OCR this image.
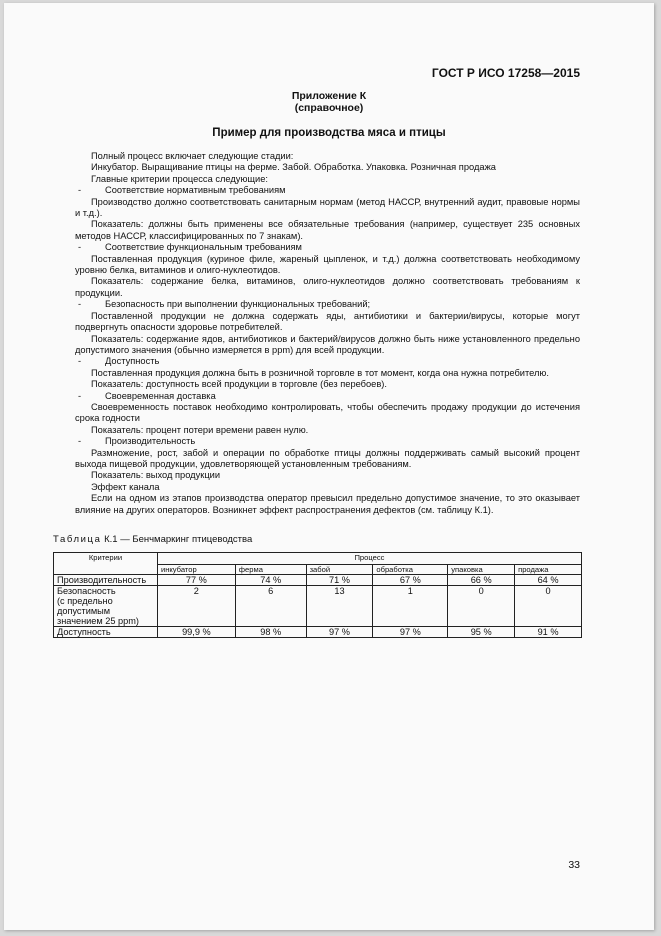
ГОСТ Р ИСО 17258—2015
Приложение К
(справочное)
Пример для производства мяса и птицы

Полный процесс включает следующие стадии:

Инкубатор. Выращивание птицы на ферме. Забой. Обработка. Упаковка. Розничная продажа

Главные критерии процесса следующие:

-	Соответствие нормативным требованиям

Производство должно соответствовать санитарным нормам (метод НАССР, внутренний аудит, правовые нормы и т.д.).

Показатель: должны быть применены все обязательные требования (например, существует 235 основных методов НАССР, классифицированных по 7 знакам).

-	Соответствие функциональным требованиям

Поставленная продукция (куриное филе, жареный цыпленок, и т.д.) должна соответствовать необходимому уровню белка, витаминов и олиго-нуклеотидов.

Показатель: содержание белка, витаминов, олиго-нуклеотидов должно соответствовать требованиям к продукции.

-	Безопасность при выполнении функциональных требований;

Поставленной продукции не должна содержать яды, антибиотики и бактерии/вирусы, которые могут подвергнуть опасности здоровье потребителей.

Показатель: содержание ядов, антибиотиков и бактерий/вирусов должно быть ниже установленного предельно допустимого значения (обычно измеряется в ppm) для всей продукции.

-	Доступность

Поставленная продукция должна быть в розничной торговле в тот момент, когда она нужна потребителю.

Показатель: доступность всей продукции в торговле (без перебоев).

-	Своевременная доставка

Своевременность поставок необходимо контролировать, чтобы обеспечить продажу продукции до истечения срока годности

Показатель: процент потери времени равен нулю.

-	Производительность

Размножение, рост, забой и операции по обработке птицы должны поддерживать самый высокий процент выхода пищевой продукции, удовлетворяющей установленным требованиям.

Показатель: выход продукции

Эффект канала

Если на одном из этапов производства оператор превысил предельно допустимое значение, то это оказывает влияние на других операторов. Возникнет эффект распространения дефектов (см. таблицу К.1).

Таблица К.1 — Бенчмаркинг птицеводства
Критерии	Процесс					
	инкубатор	ферма	забой	обработка	упаковка	продажа
Производительность	77 %	74 %	71 %	67 %	66 %	64 %
Безопасность
(с предельно
допустимым
значением 25 ppm)	2	6	13	1	0	0
Доступность	99,9 %	98 %	97 %	97 %	95 %	91 %
33
